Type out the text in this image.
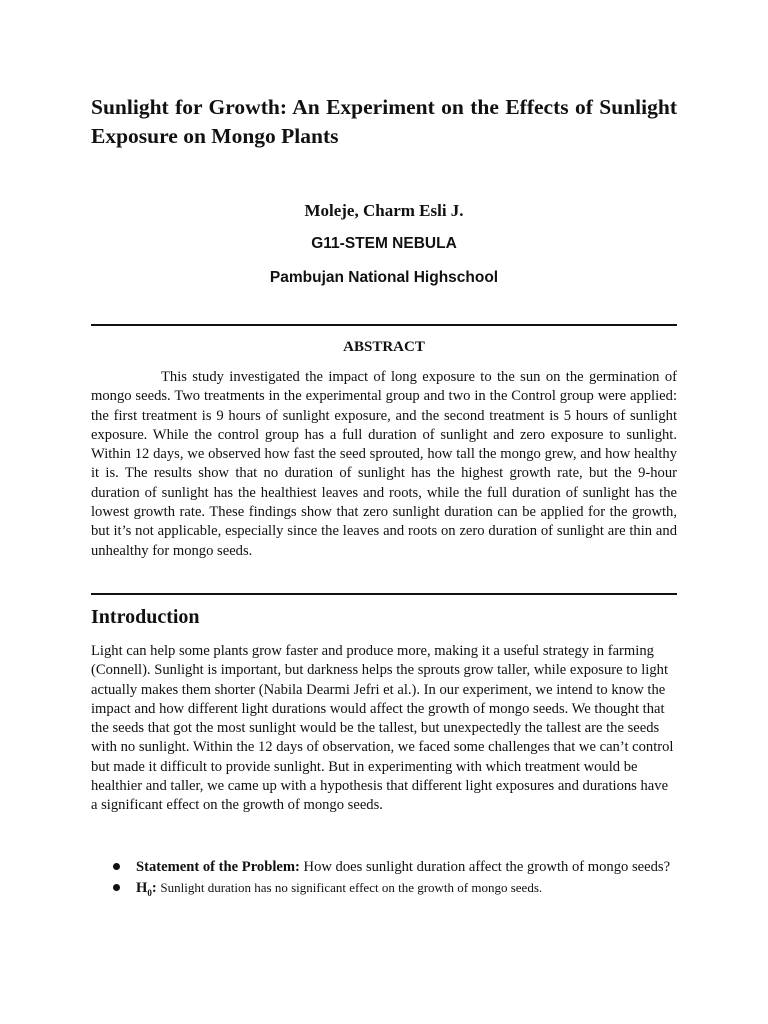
Sunlight for Growth: An Experiment on the Effects of Sunlight Exposure on Mongo Plants

Moleje, Charm Esli J.

G11-STEM NEBULA

Pambujan National Highschool

ABSTRACT

This study investigated the impact of long exposure to the sun on the germination of mongo seeds. Two treatments in the experimental group and two in the Control group were applied: the first treatment is 9 hours of sunlight exposure, and the second treatment is 5 hours of sunlight exposure. While the control group has a full duration of sunlight and zero exposure to sunlight. Within 12 days, we observed how fast the seed sprouted, how tall the mongo grew, and how healthy it is. The results show that no duration of sunlight has the highest growth rate, but the 9-hour duration of sunlight has the healthiest leaves and roots, while the full duration of sunlight has the lowest growth rate. These findings show that zero sunlight duration can be applied for the growth, but it’s not applicable, especially since the leaves and roots on zero duration of sunlight are thin and unhealthy for mongo seeds.

Introduction

Light can help some plants grow faster and produce more, making it a useful strategy in farming (Connell). Sunlight is important, but darkness helps the sprouts grow taller, while exposure to light actually makes them shorter (Nabila Dearmi Jefri et al.). In our experiment, we intend to know the impact and how different light durations would affect the growth of mongo seeds. We thought that the seeds that got the most sunlight would be the tallest, but unexpectedly the tallest are the seeds with no sunlight. Within the 12 days of observation, we faced some challenges that we can’t control but made it difficult to provide sunlight. But in experimenting with which treatment would be healthier and taller, we came up with a hypothesis that different light exposures and durations have a significant effect on the growth of mongo seeds.

Statement of the Problem: How does sunlight duration affect the growth of mongo seeds?
$H_0$: Sunlight duration has no significant effect on the growth of mongo seeds.
